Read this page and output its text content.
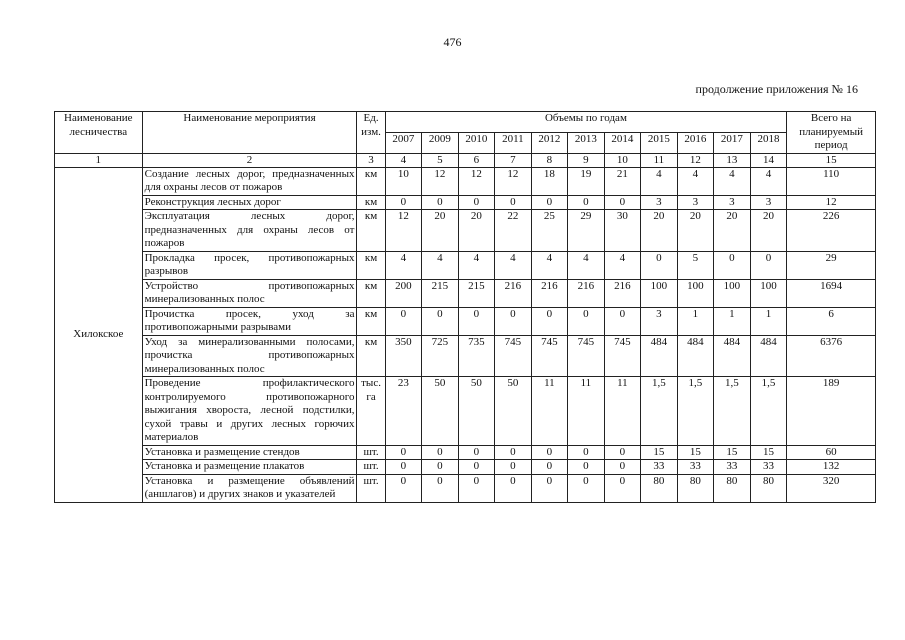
476
продолжение приложения № 16
Наименование лесничества	Наименование мероприятия	Ед. изм.	Объемы по годам											Всего на планируемый период
			2007	2009	2010	2011	2012	2013	2014	2015	2016	2017	2018	
1	2	3	4	5	6	7	8	9	10	11	12	13	14	15
Хилокское	Создание лесных дорог, предназначенных для охраны лесов от пожаров	км	10	12	12	12	18	19	21	4	4	4	4	110
	Реконструкция лесных дорог	км	0	0	0	0	0	0	0	3	3	3	3	12
	Эксплуатация лесных дорог, предназначенных для охраны лесов от пожаров	км	12	20	20	22	25	29	30	20	20	20	20	226
	Прокладка просек, противопожарных разрывов	км	4	4	4	4	4	4	4	0	5	0	0	29
	Устройство противопожарных минерализованных полос	км	200	215	215	216	216	216	216	100	100	100	100	1694
	Прочистка просек, уход за противопожарными разрывами	км	0	0	0	0	0	0	0	3	1	1	1	6
	Уход за минерализованными полосами, прочистка противопожарных минерализованных полос	км	350	725	735	745	745	745	745	484	484	484	484	6376
	Проведение профилактического контролируемого противопожарного выжигания хвороста, лесной подстилки, сухой травы и других лесных горючих материалов	тыс. га	23	50	50	50	11	11	11	1,5	1,5	1,5	1,5	189
	Установка и размещение стендов	шт.	0	0	0	0	0	0	0	15	15	15	15	60
	Установка и размещение плакатов	шт.	0	0	0	0	0	0	0	33	33	33	33	132
	Установка и размещение объявлений (аншлагов) и других знаков и указателей	шт.	0	0	0	0	0	0	0	80	80	80	80	320
